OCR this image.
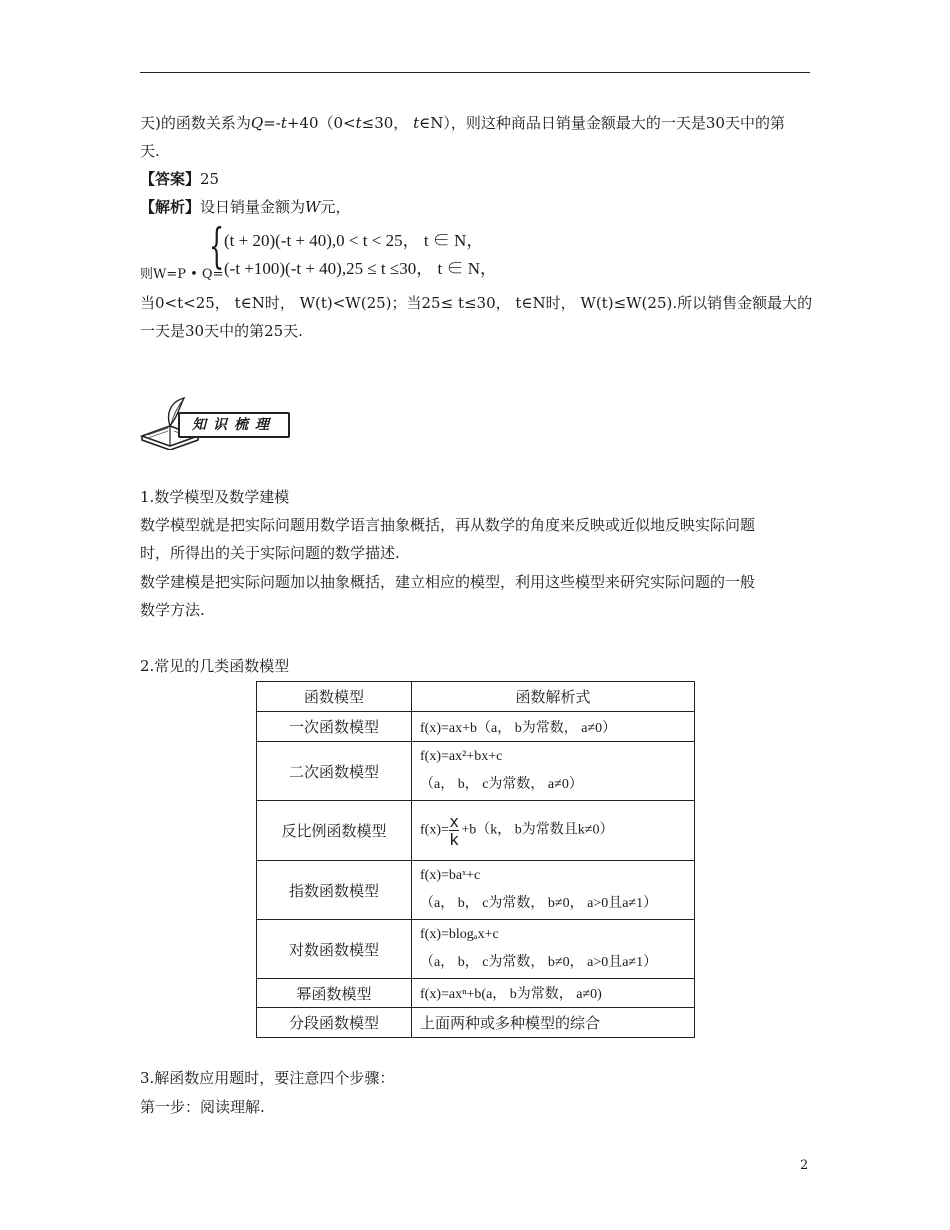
天)的函数关系为Q=-t+40（0<t≤30， t∈N），则这种商品日销量金额最大的一天是30天中的第
天.
【答案】25
【解析】设日销量金额为W元，
{ (t + 20)(-t + 40),0 < t < 25， t ∈ N，
(-t +100)(-t + 40),25 ≤ t ≤30， t ∈ N，
则W=P • Q=
当0<t<25， t∈N时， W(t)<W(25)；当25≤ t≤30， t∈N时， W(t)≤W(25).所以销售金额最大的
一天是30天中的第25天.
知识梳理
1.数学模型及数学建模
数学模型就是把实际问题用数学语言抽象概括，再从数学的角度来反映或近似地反映实际问题
时，所得出的关于实际问题的数学描述.
数学建模是把实际问题加以抽象概括，建立相应的模型，利用这些模型来研究实际问题的一般
数学方法.
2.常见的几类函数模型
函数模型	函数解析式
一次函数模型	f(x)=ax+b（a， b为常数， a≠0）
二次函数模型	f(x)=ax²+bx+c
（a， b， c为常数， a≠0）

反比例函数模型	$f(x)= \frac{x}{k} +b(k$， b为常数且k≠0）
指数函数模型	f(x)=baˣ+c
（a， b， c为常数， b≠0， a>0且a≠1）

对数函数模型	f(x)=blogₐx+c
（a， b， c为常数， b≠0， a>0且a≠1）

幂函数模型	f(x)=axⁿ+b(a， b为常数， a≠0)
分段函数模型	上面两种或多种模型的综合
3.解函数应用题时，要注意四个步骤：
第一步：阅读理解.
2
